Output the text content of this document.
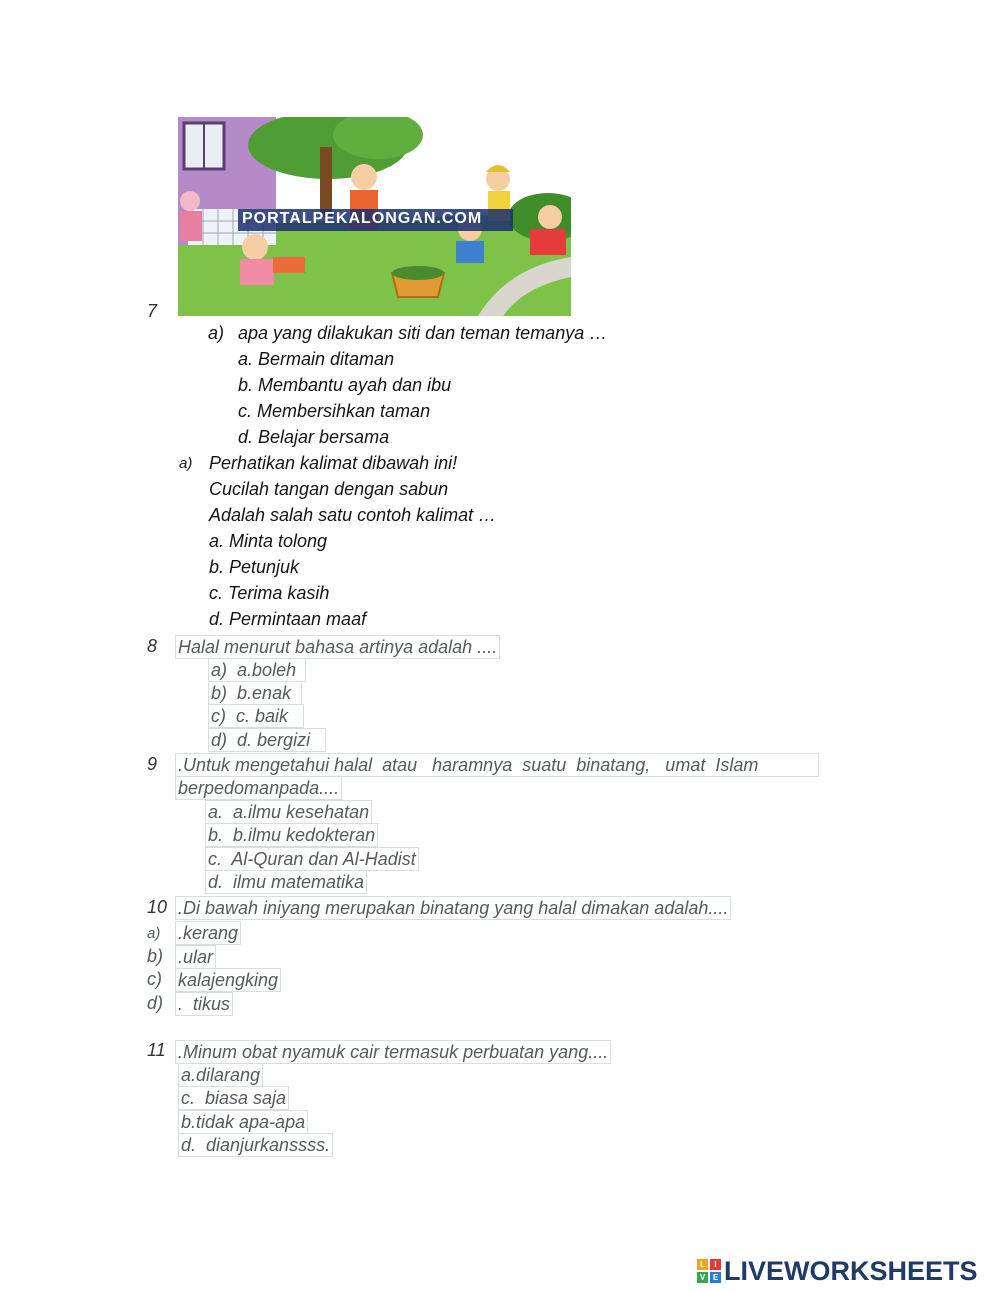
PORTALPEKALONGAN.COM
7
a) apa yang dilakukan siti dan teman temanya …
a. Bermain ditaman
b. Membantu ayah dan ibu
c. Membersihkan taman
d. Belajar bersama
a) Perhatikan kalimat dibawah ini!
Cucilah tangan dengan sabun
Adalah salah satu contoh kalimat …
a. Minta tolong
b. Petunjuk
c. Terima kasih
d. Permintaan maaf
8 Halal menurut bahasa artinya adalah ....
a) a.boleh
b) b.enak
c) c. baik
d) d. bergizi
9 .Untuk mengetahui halal  atau   haramnya  suatu  binatang,   umat  Islam
berpedomanpada....
a. a.ilmu kesehatan
b. b.ilmu kedokteran
c. Al-Quran dan Al-Hadist
d. ilmu matematika
10 .Di bawah iniyang merupakan binatang yang halal dimakan adalah....
a) .kerang
b) .ular
c) kalajengking
d) .  tikus
11 .Minum obat nyamuk cair termasuk perbuatan yang....
a.dilarang
c.  biasa saja
b.tidak apa-apa
d.  dianjurkanssss.
L	I
V E LIVEWORKSHEETS
